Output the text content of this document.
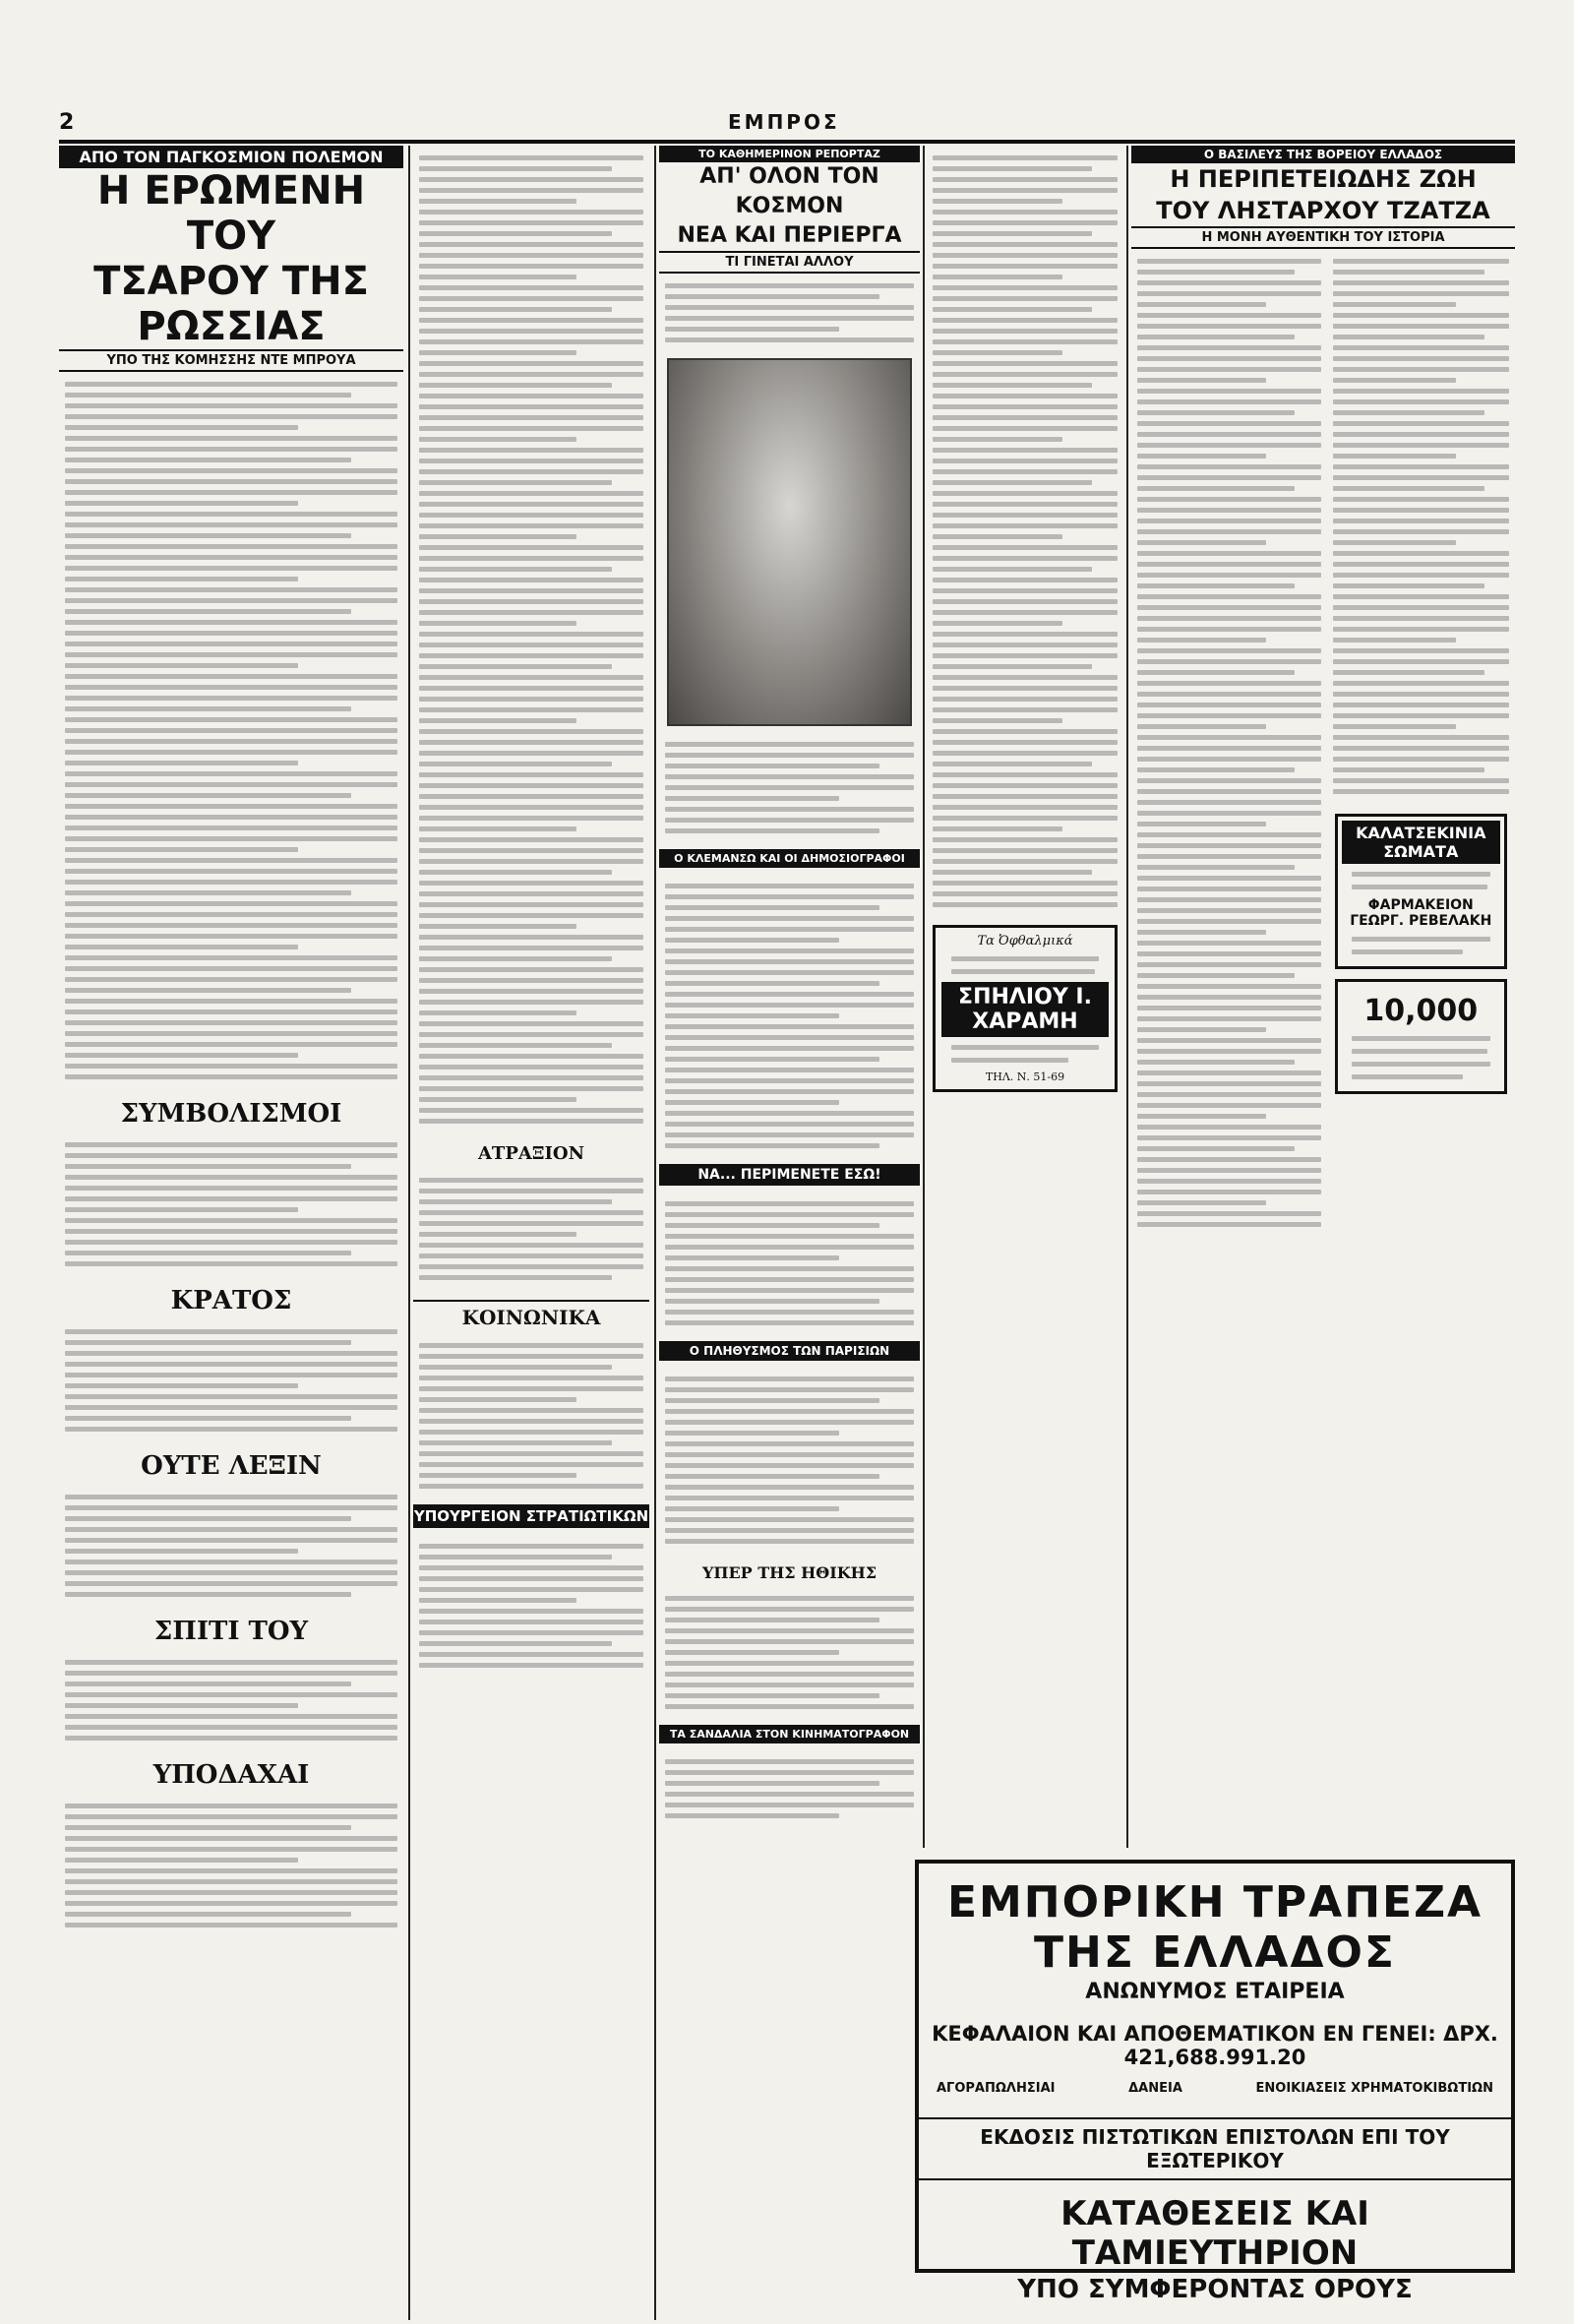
2	ΕΜΠΡΟΣ
ΑΠΟ ΤΟΝ ΠΑΓΚΟΣΜΙΟΝ ΠΟΛΕΜΟΝ
Η ΕΡΩΜΕΝΗ ΤΟΥ
ΤΣΑΡΟΥ ΤΗΣ ΡΩΣΣΙΑΣ
ΥΠΟ ΤΗΣ ΚΟΜΗΣΣΗΣ ΝΤΕ ΜΠΡΟΥΑ
ΣΥΜΒΟΛΙΣΜΟΙ
ΚΡΑΤΟΣ
ΟΥΤΕ ΛΕΞΙΝ
ΣΠΙΤΙ ΤΟΥ
ΥΠΟΔΑΧΑΙ
ΑΤΡΑΞΙΟΝ
ΚΟΙΝΩΝΙΚΑ
ΥΠΟΥΡΓΕΙΟΝ ΣΤΡΑΤΙΩΤΙΚΩΝ
ΤΟ ΚΑΘΗΜΕΡΙΝΟΝ ΡΕΠΟΡΤΑΖ
ΑΠ' ΟΛΟΝ ΤΟΝ ΚΟΣΜΟΝ
ΝΕΑ ΚΑΙ ΠΕΡΙΕΡΓΑ
ΤΙ ΓΙΝΕΤΑΙ ΑΛΛΟΥ
Ο ΚΛΕΜΑΝΣΩ ΚΑΙ ΟΙ ΔΗΜΟΣΙΟΓΡΑΦΟΙ
ΝΑ... ΠΕΡΙΜΕΝΕΤΕ ΕΣΩ!
Ο ΠΛΗΘΥΣΜΟΣ ΤΩΝ ΠΑΡΙΣΙΩΝ
ΥΠΕΡ ΤΗΣ ΗΘΙΚΗΣ
ΤΑ ΣΑΝΔΑΛΙΑ ΣΤΟΝ ΚΙΝΗΜΑΤΟΓΡΑΦΟΝ
Τα Ὀφθαλμικά
ΣΠΗΛΙΟΥ Ι. ΧΑΡΑΜΗ
ΤΗΛ. Ν. 51-69
Ο ΒΑΣΙΛΕΥΣ ΤΗΣ ΒΟΡΕΙΟΥ ΕΛΛΑΔΟΣ
Η ΠΕΡΙΠΕΤΕΙΩΔΗΣ ΖΩΗ
ΤΟΥ ΛΗΣΤΑΡΧΟΥ ΤΖΑΤΖΑ
Η ΜΟΝΗ ΑΥΘΕΝΤΙΚΗ ΤΟΥ ΙΣΤΟΡΙΑ
ΚΑΛΑΤΣΕΚΙΝΙΑ ΣΩΜΑΤΑ
ΦΑΡΜΑΚΕΙΟΝ ΓΕΩΡΓ. ΡΕΒΕΛΑΚΗ
10,000
ΕΜΠΟΡΙΚΗ ΤΡΑΠΕΖΑ ΤΗΣ ΕΛΛΑΔΟΣ
ΑΝΩΝΥΜΟΣ ΕΤΑΙΡΕΙΑ
ΚΕΦΑΛΑΙΟΝ ΚΑΙ ΑΠΟΘΕΜΑΤΙΚΟΝ ΕΝ ΓΕΝΕΙ: ΔΡΧ. 421,688.991.20
ΑΓΟΡΑΠΩΛΗΣΙΑΙ	ΔΑΝΕΙΑ	ΕΝΟΙΚΙΑΣΕΙΣ ΧΡΗΜΑΤΟΚΙΒΩΤΙΩΝ
ΕΚΔΟΣΙΣ ΠΙΣΤΩΤΙΚΩΝ ΕΠΙΣΤΟΛΩΝ ΕΠΙ ΤΟΥ ΕΞΩΤΕΡΙΚΟΥ
ΚΑΤΑΘΕΣΕΙΣ ΚΑΙ ΤΑΜΙΕΥΤΗΡΙΟΝ
ΥΠΟ ΣΥΜΦΕΡΟΝΤΑΣ ΟΡΟΥΣ
